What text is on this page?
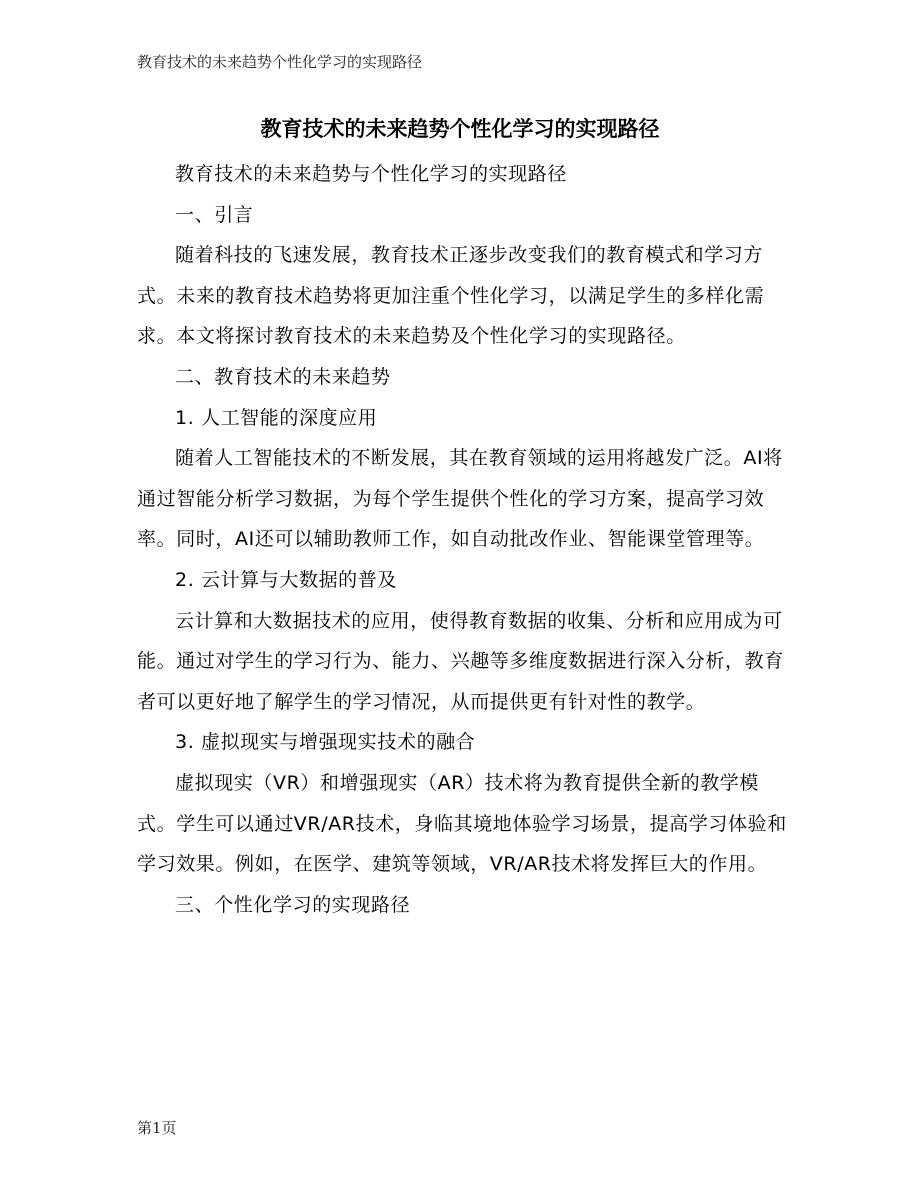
教育技术的未来趋势个性化学习的实现路径
教育技术的未来趋势个性化学习的实现路径

教育技术的未来趋势与个性化学习的实现路径

一、引言

随着科技的飞速发展，教育技术正逐步改变我们的教育模式和学习方式。未来的教育技术趋势将更加注重个性化学习，以满足学生的多样化需求。本文将探讨教育技术的未来趋势及个性化学习的实现路径。

二、教育技术的未来趋势

1. 人工智能的深度应用

随着人工智能技术的不断发展，其在教育领域的运用将越发广泛。AI将通过智能分析学习数据，为每个学生提供个性化的学习方案，提高学习效率。同时，AI还可以辅助教师工作，如自动批改作业、智能课堂管理等。

2. 云计算与大数据的普及

云计算和大数据技术的应用，使得教育数据的收集、分析和应用成为可能。通过对学生的学习行为、能力、兴趣等多维度数据进行深入分析，教育者可以更好地了解学生的学习情况，从而提供更有针对性的教学。

3. 虚拟现实与增强现实技术的融合

虚拟现实（VR）和增强现实（AR）技术将为教育提供全新的教学模式。学生可以通过VR/AR技术，身临其境地体验学习场景，提高学习体验和学习效果。例如，在医学、建筑等领域，VR/AR技术将发挥巨大的作用。

三、个性化学习的实现路径

第1页
